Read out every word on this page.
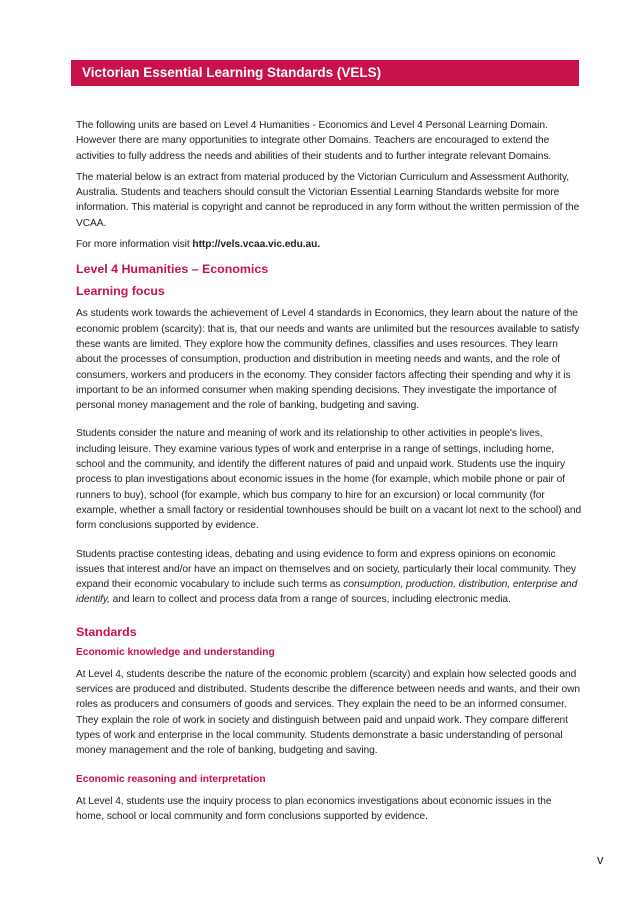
Victorian Essential Learning Standards (VELS)

The following units are based on Level 4 Humanities - Economics and Level 4 Personal Learning Domain. However there are many opportunities to integrate other Domains. Teachers are encouraged to extend the activities to fully address the needs and abilities of their students and to further integrate relevant Domains.

The material below is an extract from material produced by the Victorian Curriculum and Assessment Authority, Australia. Students and teachers should consult the Victorian Essential Learning Standards website for more information. This material is copyright and cannot be reproduced in any form without the written permission of the VCAA.

For more information visit http://vels.vcaa.vic.edu.au.

Level 4 Humanities – Economics
Learning focus

As students work towards the achievement of Level 4 standards in Economics, they learn about the nature of the economic problem (scarcity): that is, that our needs and wants are unlimited but the resources available to satisfy these wants are limited. They explore how the community defines, classifies and uses resources. They learn about the processes of consumption, production and distribution in meeting needs and wants, and the role of consumers, workers and producers in the economy. They consider factors affecting their spending and why it is important to be an informed consumer when making spending decisions. They investigate the importance of personal money management and the role of banking, budgeting and saving.

Students consider the nature and meaning of work and its relationship to other activities in people's lives, including leisure. They examine various types of work and enterprise in a range of settings, including home, school and the community, and identify the different natures of paid and unpaid work. Students use the inquiry process to plan investigations about economic issues in the home (for example, which mobile phone or pair of runners to buy), school (for example, which bus company to hire for an excursion) or local community (for example, whether a small factory or residential townhouses should be built on a vacant lot next to the school) and form conclusions supported by evidence.

Students practise contesting ideas, debating and using evidence to form and express opinions on economic issues that interest and/or have an impact on themselves and on society, particularly their local community. They expand their economic vocabulary to include such terms as consumption, production, distribution, enterprise and identify, and learn to collect and process data from a range of sources, including electronic media.

Standards
Economic knowledge and understanding

At Level 4, students describe the nature of the economic problem (scarcity) and explain how selected goods and services are produced and distributed. Students describe the difference between needs and wants, and their own roles as producers and consumers of goods and services. They explain the need to be an informed consumer. They explain the role of work in society and distinguish between paid and unpaid work. They compare different types of work and enterprise in the local community. Students demonstrate a basic understanding of personal money management and the role of banking, budgeting and saving.

Economic reasoning and interpretation

At Level 4, students use the inquiry process to plan economics investigations about economic issues in the home, school or local community and form conclusions supported by evidence.

v
